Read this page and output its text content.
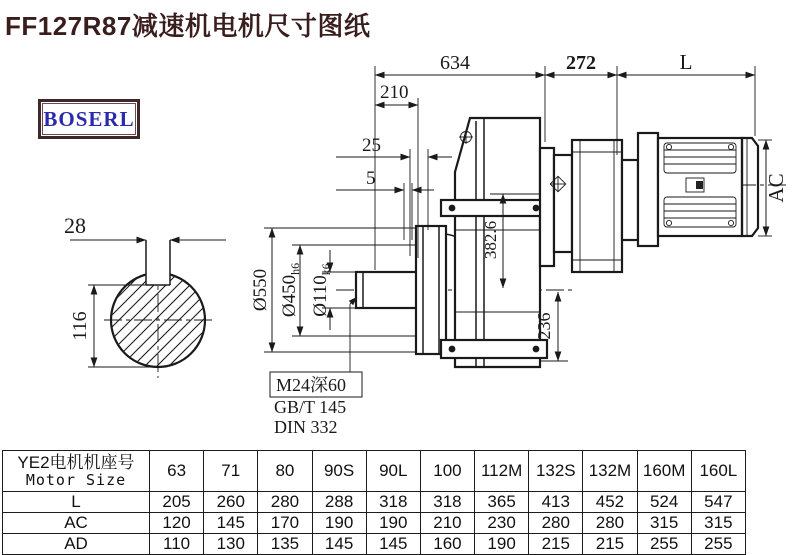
FF127R87减速机电机尺寸图纸
BOSERL
28
116
634	272	L
210
25
5
Ø550 $Ø450_{h6}$
$Ø110_{k6}$
382.6
236
AC
M24深60
GB/T 145
DIN 332
YE2电机机座号
Motor Size	63	71	80	90S	90L	100	112M	132S	132M	160M	160L
L	205	260	280	288	318	318	365	413	452	524	547
AC	120	145	170	190	190	210	230	280	280	315	315
AD	110	130	135	145	145	160	190	215	215	255	255
